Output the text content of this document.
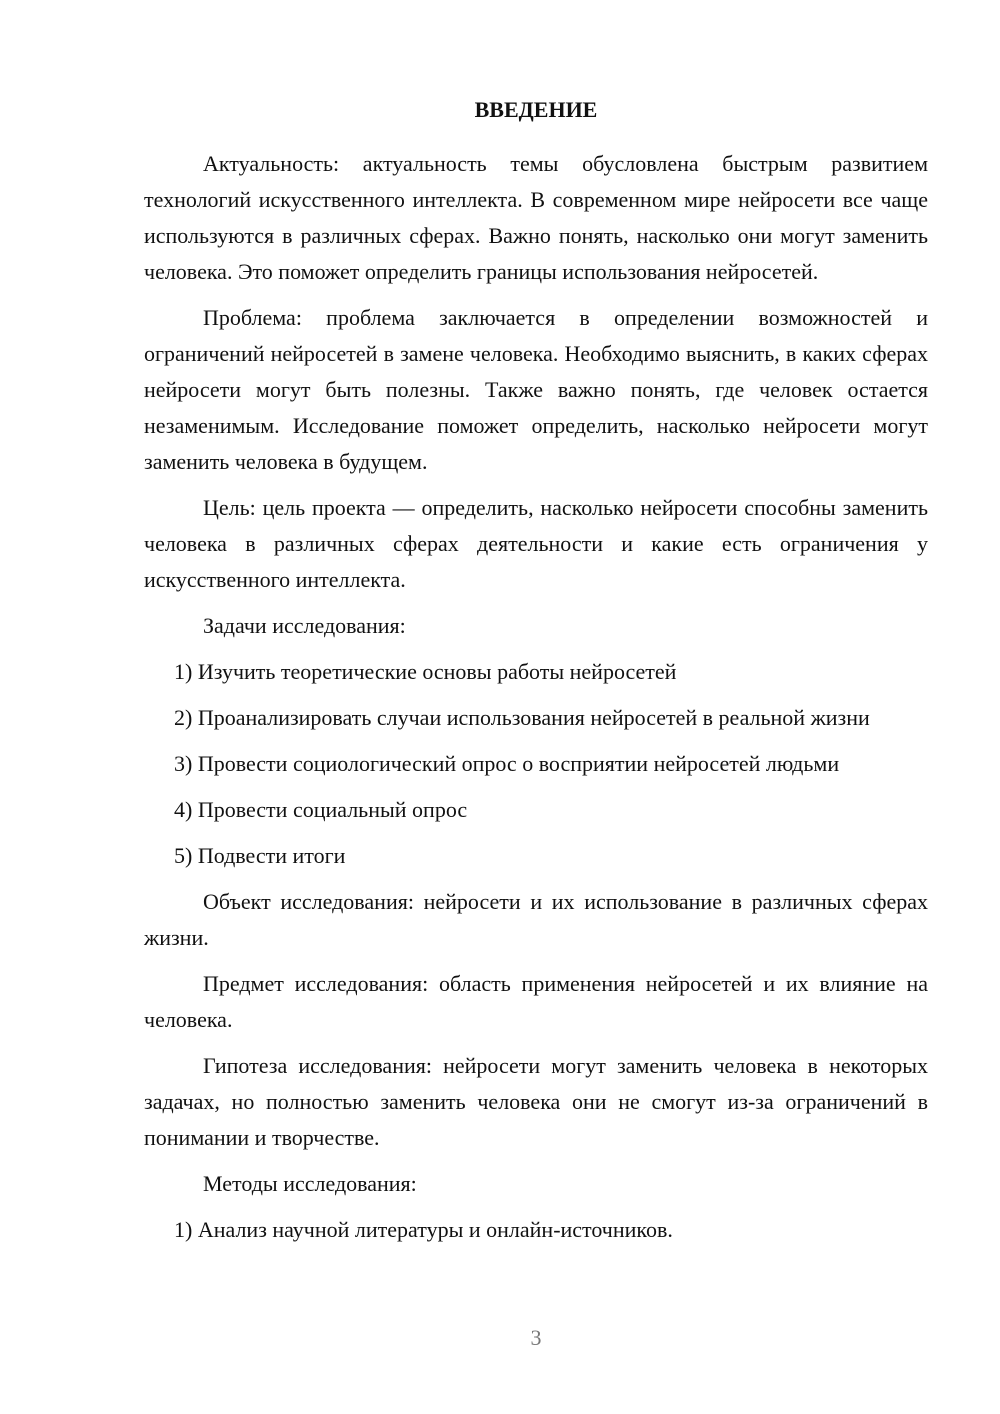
ВВЕДЕНИЕ

Актуальность: актуальность темы обусловлена быстрым развитием технологий искусственного интеллекта. В современном мире нейросети все чаще используются в различных сферах. Важно понять, насколько они могут заменить человека. Это поможет определить границы использования нейросетей.

Проблема: проблема заключается в определении возможностей и ограничений нейросетей в замене человека. Необходимо выяснить, в каких сферах нейросети могут быть полезны. Также важно понять, где человек остается незаменимым. Исследование поможет определить, насколько нейросети могут заменить человека в будущем.

Цель: цель проекта — определить, насколько нейросети способны заменить человека в различных сферах деятельности и какие есть ограничения у искусственного интеллекта.

Задачи исследования:

1) Изучить теоретические основы работы нейросетей

2) Проанализировать случаи использования нейросетей в реальной жизни

3) Провести социологический опрос о восприятии нейросетей людьми

4) Провести социальный опрос

5) Подвести итоги

Объект исследования: нейросети и их использование в различных сферах жизни.

Предмет исследования: область применения нейросетей и их влияние на человека.

Гипотеза исследования: нейросети могут заменить человека в некоторых задачах, но полностью заменить человека они не смогут из-за ограничений в понимании и творчестве.

Методы исследования:

1) Анализ научной литературы и онлайн-источников.

3
